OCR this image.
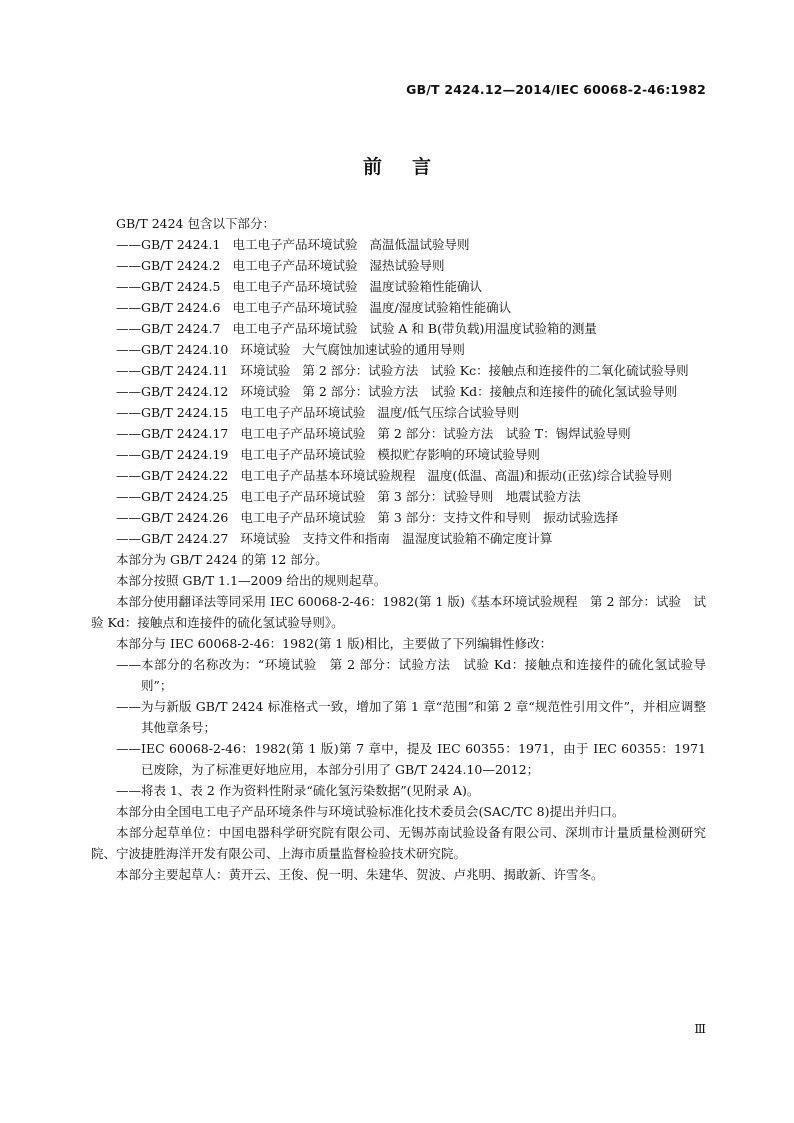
GB/T 2424.12—2014/IEC 60068-2-46:1982
前言

GB/T 2424 包含以下部分：

—— GB/T 2424.1 电工电子产品环境试验 高温低温试验导则
—— GB/T 2424.2 电工电子产品环境试验 湿热试验导则
—— GB/T 2424.5 电工电子产品环境试验 温度试验箱性能确认
—— GB/T 2424.6 电工电子产品环境试验 温度/湿度试验箱性能确认
—— GB/T 2424.7 电工电子产品环境试验 试验 A 和 B(带负载)用温度试验箱的测量
—— GB/T 2424.10 环境试验 大气腐蚀加速试验的通用导则
—— GB/T 2424.11 环境试验 第 2 部分：试验方法　试验 Kc：接触点和连接件的二氧化硫试验导则
—— GB/T 2424.12 环境试验 第 2 部分：试验方法　试验 Kd：接触点和连接件的硫化氢试验导则
—— GB/T 2424.15 电工电子产品环境试验 温度/低气压综合试验导则
—— GB/T 2424.17 电工电子产品环境试验 第 2 部分：试验方法　试验 T：锡焊试验导则
—— GB/T 2424.19 电工电子产品环境试验 模拟贮存影响的环境试验导则
—— GB/T 2424.22 电工电子产品基本环境试验规程 温度(低温、高温)和振动(正弦)综合试验导则
—— GB/T 2424.25 电工电子产品环境试验 第 3 部分：试验导则　地震试验方法
—— GB/T 2424.26 电工电子产品环境试验 第 3 部分：支持文件和导则　振动试验选择
—— GB/T 2424.27 环境试验 支持文件和指南　温湿度试验箱不确定度计算

本部分为 GB/T 2424 的第 12 部分。

本部分按照 GB/T 1.1—2009 给出的规则起草。

本部分使用翻译法等同采用 IEC 60068-2-46：1982(第 1 版)《基本环境试验规程　第 2 部分：试验　试验 Kd：接触点和连接件的硫化氢试验导则》。

本部分与 IEC 60068-2-46：1982(第 1 版)相比，主要做了下列编辑性修改：

—— 本部分的名称改为：“环境试验　第 2 部分：试验方法　试验 Kd：接触点和连接件的硫化氢试验导则”；
—— 为与新版 GB/T 2424 标准格式一致，增加了第 1 章“范围”和第 2 章“规范性引用文件”，并相应调整其他章条号；
—— IEC 60068-2-46：1982(第 1 版)第 7 章中，提及 IEC 60355：1971，由于 IEC 60355：1971 已废除，为了标准更好地应用，本部分引用了 GB/T 2424.10—2012；
—— 将表 1、表 2 作为资料性附录“硫化氢污染数据”(见附录 A)。

本部分由全国电工电子产品环境条件与环境试验标准化技术委员会(SAC/TC 8)提出并归口。

本部分起草单位：中国电器科学研究院有限公司、无锡苏南试验设备有限公司、深圳市计量质量检测研究院、宁波捷胜海洋开发有限公司、上海市质量监督检验技术研究院。

本部分主要起草人：黄开云、王俊、倪一明、朱建华、贺波、卢兆明、揭敢新、许雪冬。

Ⅲ
